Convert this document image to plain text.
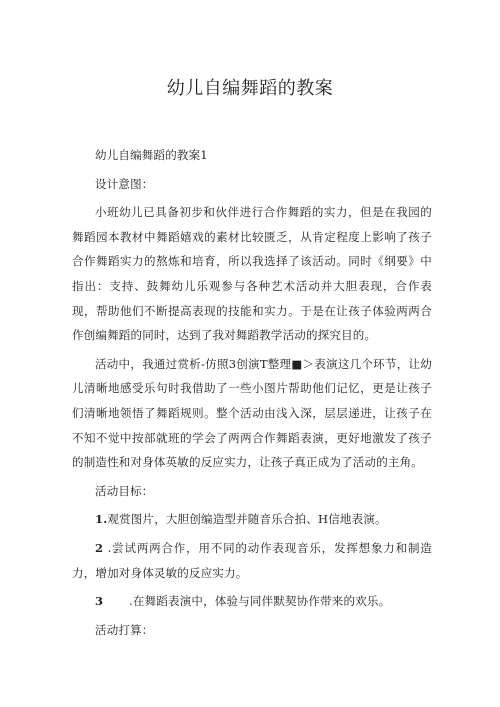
幼儿自编舞蹈的教案

幼儿自编舞蹈的教案1

设计意图：

小班幼儿已具备初步和伙伴进行合作舞蹈的实力，但是在我园的舞蹈园本教材中舞蹈嬉戏的素材比较匮乏，从肯定程度上影响了孩子合作舞蹈实力的熬炼和培育，所以我选择了该活动。同时《纲要》中指出：支持、鼓舞幼儿乐观参与各种艺术活动并大胆表现，合作表现，帮助他们不断提高表现的技能和实力。于是在让孩子体验两两合作创编舞蹈的同时，达到了我对舞蹈教学活动的探究目的。

活动中，我通过赏析-仿照3创演T整理■＞表演这几个环节，让幼儿清晰地感受乐句时我借助了一些小图片帮助他们记忆，更是让孩子们清晰地领悟了舞蹈规则。整个活动由浅入深，层层递进，让孩子在不知不觉中按部就班的学会了两两合作舞蹈表演，更好地激发了孩子的制造性和对身体英敏的反应实力，让孩子真正成为了活动的主角。

活动目标：

1.观赏图片，大胆创编造型并随音乐合拍、H信地表演。

2 .尝试两两合作，用不同的动作表现音乐，发挥想象力和制造力，增加对身体灵敏的反应实力。

3 .在舞蹈表演中，体验与同伴默契协作带来的欢乐。

活动打算：
